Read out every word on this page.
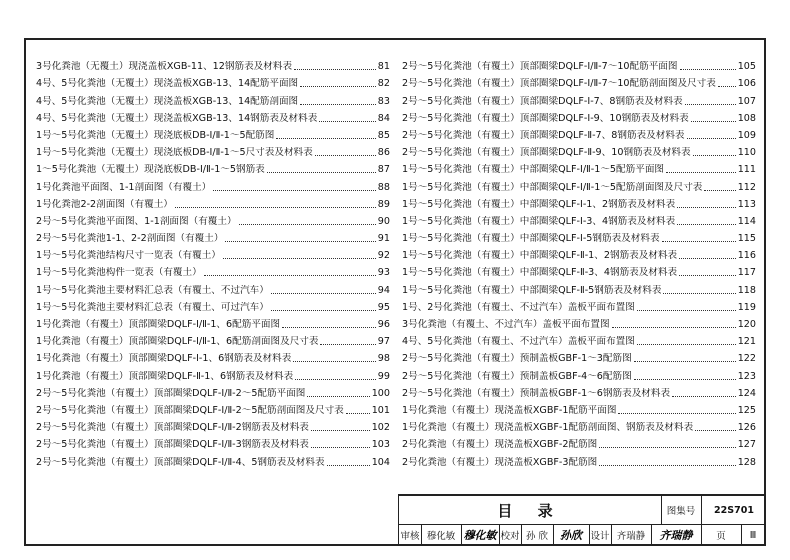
3号化粪池（无覆土）现浇盖板XGB-11、12钢筋表及材料表	81
4号、5号化粪池（无覆土）现浇盖板XGB-13、14配筋平面图	82
4号、5号化粪池（无覆土）现浇盖板XGB-13、14配筋剖面图	83
4号、5号化粪池（无覆土）现浇盖板XGB-13、14钢筋表及材料表	84
1号～5号化粪池（无覆土）现浇底板DB-Ⅰ/Ⅱ-1～5配筋图	85
1号～5号化粪池（无覆土）现浇底板DB-Ⅰ/Ⅱ-1～5尺寸表及材料表	86
1～5号化粪池（无覆土）现浇底板DB-Ⅰ/Ⅱ-1～5钢筋表	87
1号化粪池平面图、1-1剖面图（有覆土）	88
1号化粪池2-2剖面图（有覆土）	89
2号～5号化粪池平面图、1-1剖面图（有覆土）	90
2号～5号化粪池1-1、2-2剖面图（有覆土）	91
1号～5号化粪池结构尺寸一览表（有覆土）	92
1号～5号化粪池构件一览表（有覆土）	93
1号～5号化粪池主要材料汇总表（有覆土、不过汽车）	94
1号～5号化粪池主要材料汇总表（有覆土、可过汽车）	95
1号化粪池（有覆土）顶部圈梁DQLF-Ⅰ/Ⅱ-1、6配筋平面图	96
1号化粪池（有覆土）顶部圈梁DQLF-Ⅰ/Ⅱ-1、6配筋剖面图及尺寸表	97
1号化粪池（有覆土）顶部圈梁DQLF-Ⅰ-1、6钢筋表及材料表	98
1号化粪池（有覆土）顶部圈梁DQLF-Ⅱ-1、6钢筋表及材料表	99
2号～5号化粪池（有覆土）顶部圈梁DQLF-Ⅰ/Ⅱ-2～5配筋平面图	100
2号～5号化粪池（有覆土）顶部圈梁DQLF-Ⅰ/Ⅱ-2～5配筋剖面图及尺寸表	101
2号～5号化粪池（有覆土）顶部圈梁DQLF-Ⅰ/Ⅱ-2钢筋表及材料表	102
2号～5号化粪池（有覆土）顶部圈梁DQLF-Ⅰ/Ⅱ-3钢筋表及材料表	103
2号～5号化粪池（有覆土）顶部圈梁DQLF-Ⅰ/Ⅱ-4、5钢筋表及材料表	104
2号～5号化粪池（有覆土）顶部圈梁DQLF-Ⅰ/Ⅱ-7～10配筋平面图	105
2号～5号化粪池（有覆土）顶部圈梁DQLF-Ⅰ/Ⅱ-7～10配筋剖面图及尺寸表 106
2号～5号化粪池（有覆土）顶部圈梁DQLF-Ⅰ-7、8钢筋表及材料表	107
2号～5号化粪池（有覆土）顶部圈梁DQLF-Ⅰ-9、10钢筋表及材料表	108
2号～5号化粪池（有覆土）顶部圈梁DQLF-Ⅱ-7、8钢筋表及材料表	109
2号～5号化粪池（有覆土）顶部圈梁DQLF-Ⅱ-9、10钢筋表及材料表	110
1号～5号化粪池（有覆土）中部圈梁QLF-Ⅰ/Ⅱ-1～5配筋平面图	111
1号～5号化粪池（有覆土）中部圈梁QLF-Ⅰ/Ⅱ-1～5配筋剖面图及尺寸表	112
1号～5号化粪池（有覆土）中部圈梁QLF-Ⅰ-1、2钢筋表及材料表	113
1号～5号化粪池（有覆土）中部圈梁QLF-Ⅰ-3、4钢筋表及材料表	114
1号～5号化粪池（有覆土）中部圈梁QLF-Ⅰ-5钢筋表及材料表	115
1号～5号化粪池（有覆土）中部圈梁QLF-Ⅱ-1、2钢筋表及材料表	116
1号～5号化粪池（有覆土）中部圈梁QLF-Ⅱ-3、4钢筋表及材料表	117
1号～5号化粪池（有覆土）中部圈梁QLF-Ⅱ-5钢筋表及材料表	118
1号、2号化粪池（有覆土、不过汽车）盖板平面布置图	119
3号化粪池（有覆土、不过汽车）盖板平面布置图	120
4号、5号化粪池（有覆土、不过汽车）盖板平面布置图	121
2号～5号化粪池（有覆土）预制盖板GBF-1～3配筋图	122
2号～5号化粪池（有覆土）预制盖板GBF-4～6配筋图	123
2号～5号化粪池（有覆土）预制盖板GBF-1～6钢筋表及材料表	124
1号化粪池（有覆土）现浇盖板XGBF-1配筋平面图	125
1号化粪池（有覆土）现浇盖板XGBF-1配筋剖面图、钢筋表及材料表	126
2号化粪池（有覆土）现浇盖板XGBF-2配筋图	127
2号化粪池（有覆土）现浇盖板XGBF-3配筋图	128
目 录	图集号	22S701
审核 穆化敏 穆化敏 校对 孙 欣	孙欣 设计 齐瑞静	齐瑞静	页	Ⅲ
